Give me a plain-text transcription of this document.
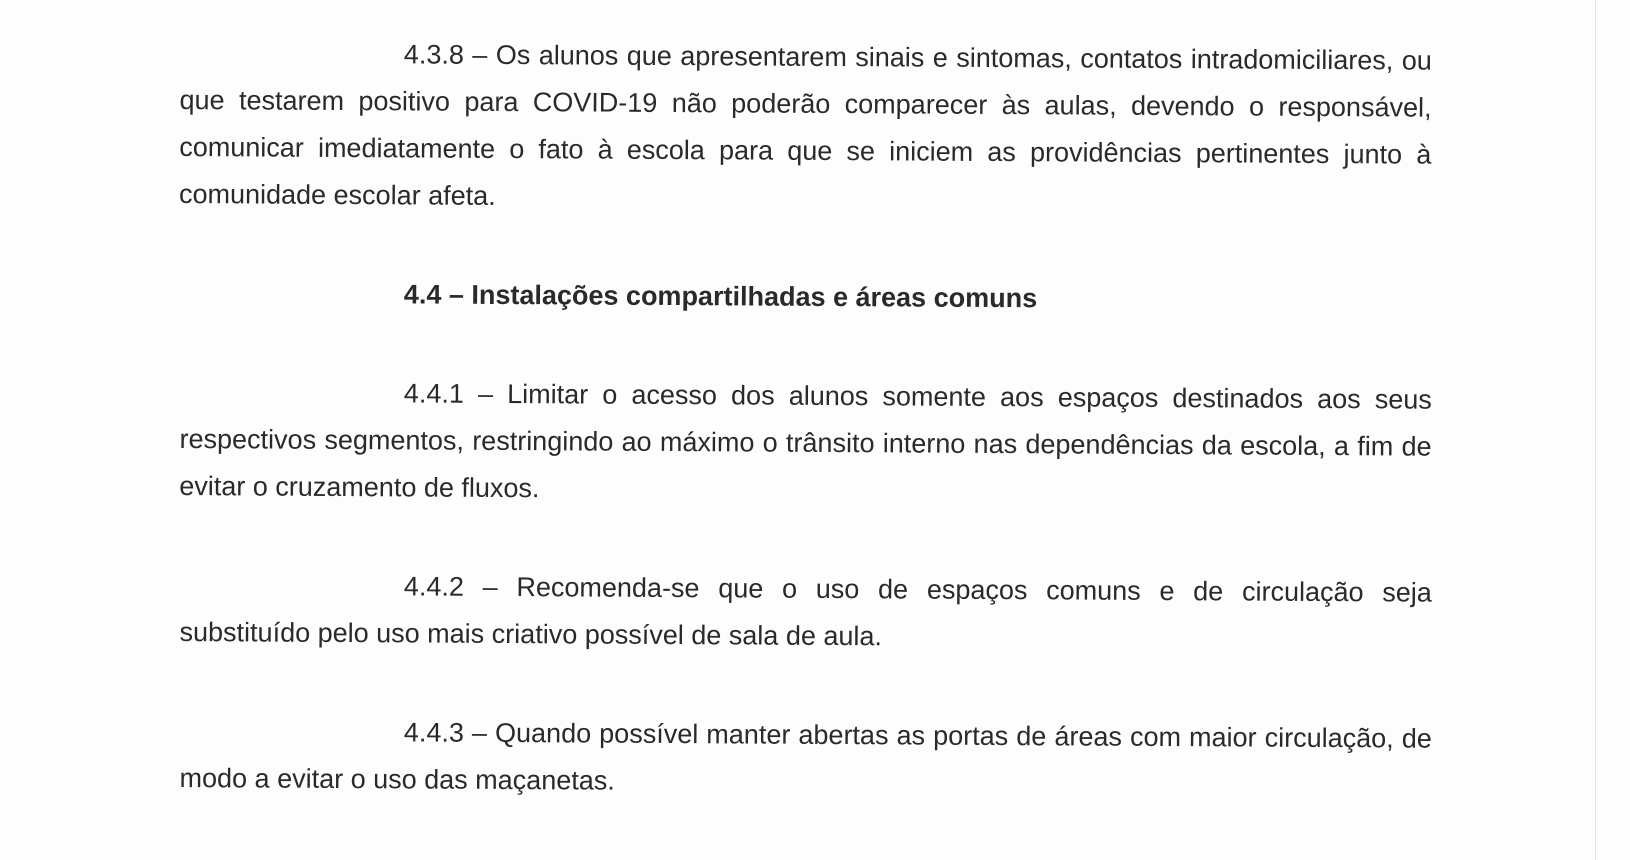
4.3.8 – Os alunos que apresentarem sinais e sintomas, contatos intradomiciliares, ou que testarem positivo para COVID-19 não poderão comparecer às aulas, devendo o responsável, comunicar imediatamente o fato à escola para que se iniciem as providências pertinentes junto à comunidade escolar afeta.

4.4 – Instalações compartilhadas e áreas comuns

4.4.1 – Limitar o acesso dos alunos somente aos espaços destinados aos seus respectivos segmentos, restringindo ao máximo o trânsito interno nas dependências da escola, a fim de evitar o cruzamento de fluxos.

4.4.2 – Recomenda-se que o uso de espaços comuns e de circulação seja substituído pelo uso mais criativo possível de sala de aula.

4.4.3 – Quando possível manter abertas as portas de áreas com maior circulação, de modo a evitar o uso das maçanetas.
